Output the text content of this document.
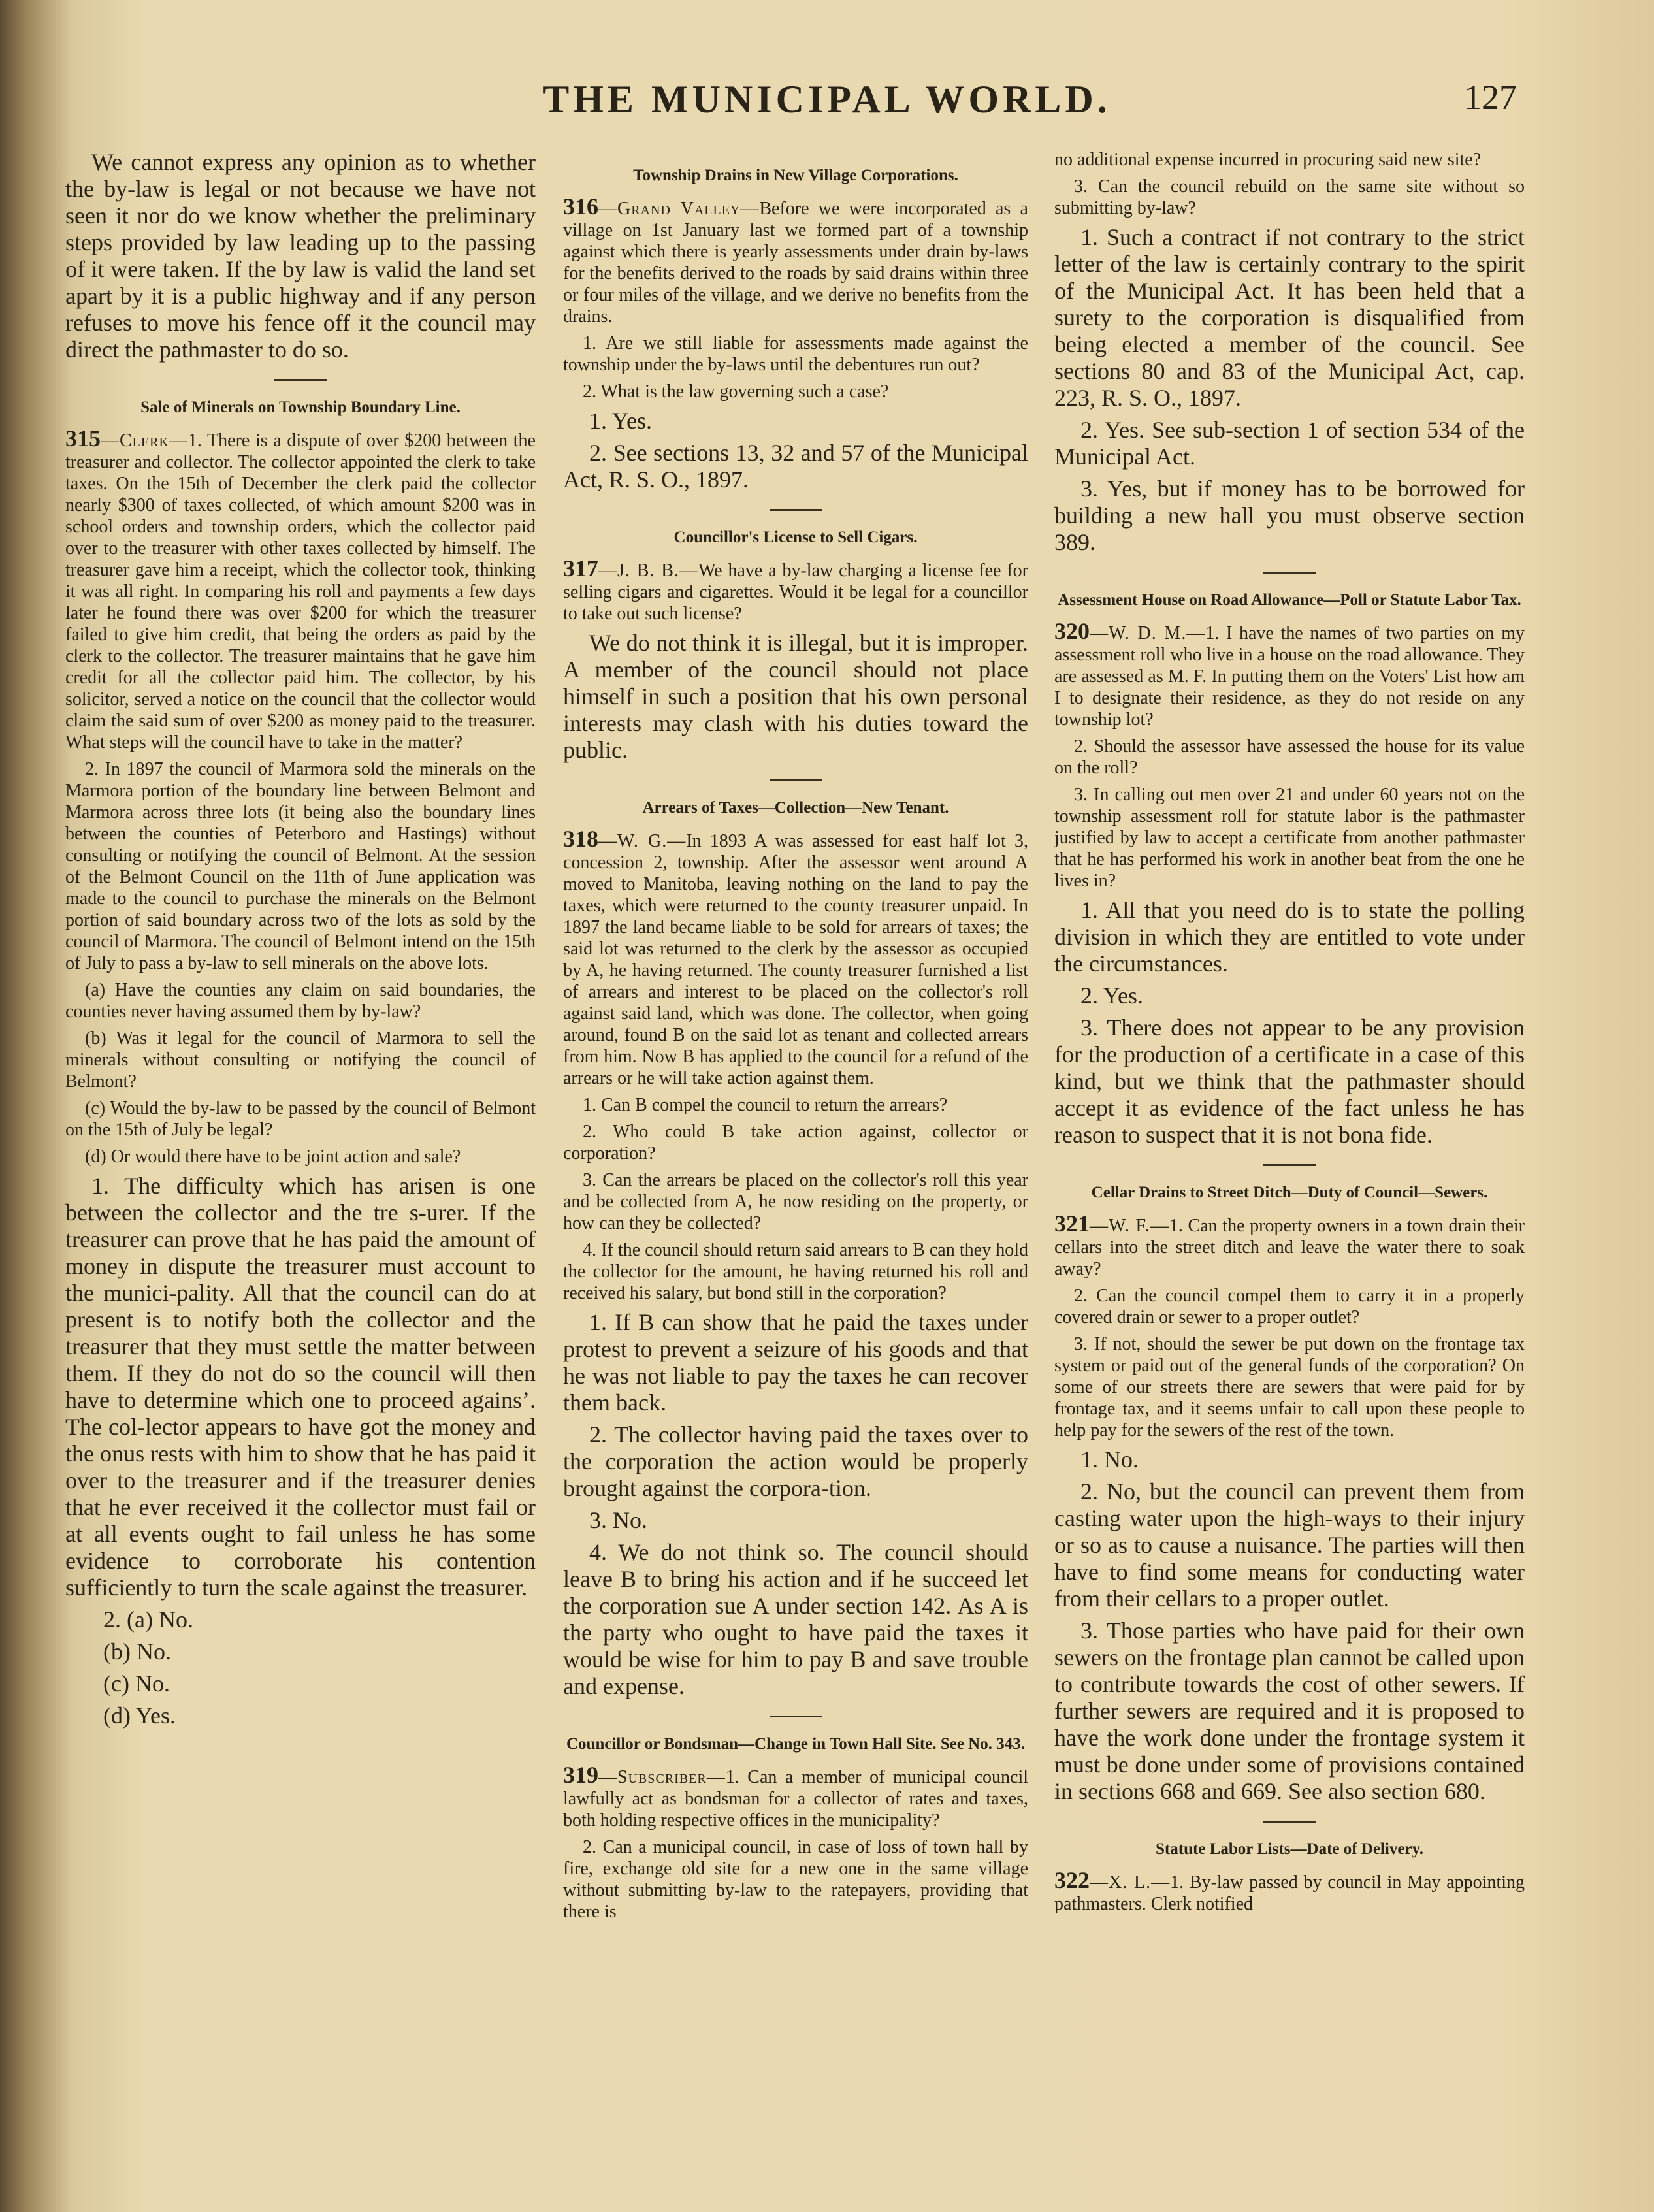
THE MUNICIPAL WORLD.	127

We cannot express any opinion as to whether the by-law is legal or not because we have not seen it nor do we know whether the preliminary steps provided by law leading up to the passing of it were taken. If the by law is valid the land set apart by it is a public highway and if any person refuses to move his fence off it the council may direct the pathmaster to do so.

Sale of Minerals on Township Boundary Line.

315—Clerk—1. There is a dispute of over $200 between the treasurer and collector. The collector appointed the clerk to take taxes. On the 15th of December the clerk paid the collector nearly $300 of taxes collected, of which amount $200 was in school orders and township orders, which the collector paid over to the treasurer with other taxes collected by himself. The treasurer gave him a receipt, which the collector took, thinking it was all right. In comparing his roll and payments a few days later he found there was over $200 for which the treasurer failed to give him credit, that being the orders as paid by the clerk to the collector. The treasurer maintains that he gave him credit for all the collector paid him. The collector, by his solicitor, served a notice on the council that the collector would claim the said sum of over $200 as money paid to the treasurer. What steps will the council have to take in the matter?

2. In 1897 the council of Marmora sold the minerals on the Marmora portion of the boundary line between Belmont and Marmora across three lots (it being also the boundary lines between the counties of Peterboro and Hastings) without consulting or notifying the council of Belmont. At the session of the Belmont Council on the 11th of June application was made to the council to purchase the minerals on the Belmont portion of said boundary across two of the lots as sold by the council of Marmora. The council of Belmont intend on the 15th of July to pass a by-law to sell minerals on the above lots.

(a) Have the counties any claim on said boundaries, the counties never having assumed them by by-law?

(b) Was it legal for the council of Marmora to sell the minerals without consulting or notifying the council of Belmont?

(c) Would the by-law to be passed by the council of Belmont on the 15th of July be legal?

(d) Or would there have to be joint action and sale?

1. The difficulty which has arisen is one between the collector and the tre s-urer. If the treasurer can prove that he has paid the amount of money in dispute the treasurer must account to the munici-pality. All that the council can do at present is to notify both the collector and the treasurer that they must settle the matter between them. If they do not do so the council will then have to determine which one to proceed agains’. The col-lector appears to have got the money and the onus rests with him to show that he has paid it over to the treasurer and if the treasurer denies that he ever received it the collector must fail or at all events ought to fail unless he has some evidence to corroborate his contention sufficiently to turn the scale against the treasurer.

2. (a) No.

(b) No.

(c) No.

(d) Yes.

Township Drains in New Village Corporations.

316—Grand Valley—Before we were incorporated as a village on 1st January last we formed part of a township against which there is yearly assessments under drain by-laws for the benefits derived to the roads by said drains within three or four miles of the village, and we derive no benefits from the drains.

1. Are we still liable for assessments made against the township under the by-laws until the debentures run out?

2. What is the law governing such a case?

1. Yes.

2. See sections 13, 32 and 57 of the Municipal Act, R. S. O., 1897.

Councillor's License to Sell Cigars.

317—J. B. B.—We have a by-law charging a license fee for selling cigars and cigarettes. Would it be legal for a councillor to take out such license?

We do not think it is illegal, but it is improper. A member of the council should not place himself in such a position that his own personal interests may clash with his duties toward the public.

Arrears of Taxes—Collection—New Tenant.

318—W. G.—In 1893 A was assessed for east half lot 3, concession 2, township. After the assessor went around A moved to Manitoba, leaving nothing on the land to pay the taxes, which were returned to the county treasurer unpaid. In 1897 the land became liable to be sold for arrears of taxes; the said lot was returned to the clerk by the assessor as occupied by A, he having returned. The county treasurer furnished a list of arrears and interest to be placed on the collector's roll against said land, which was done. The collector, when going around, found B on the said lot as tenant and collected arrears from him. Now B has applied to the council for a refund of the arrears or he will take action against them.

1. Can B compel the council to return the arrears?

2. Who could B take action against, collector or corporation?

3. Can the arrears be placed on the collector's roll this year and be collected from A, he now residing on the property, or how can they be collected?

4. If the council should return said arrears to B can they hold the collector for the amount, he having returned his roll and received his salary, but bond still in the corporation?

1. If B can show that he paid the taxes under protest to prevent a seizure of his goods and that he was not liable to pay the taxes he can recover them back.

2. The collector having paid the taxes over to the corporation the action would be properly brought against the corpora-tion.

3. No.

4. We do not think so. The council should leave B to bring his action and if he succeed let the corporation sue A under section 142. As A is the party who ought to have paid the taxes it would be wise for him to pay B and save trouble and expense.

Councillor or Bondsman—Change in Town Hall Site. See No. 343.

319—Subscriber—1. Can a member of municipal council lawfully act as bondsman for a collector of rates and taxes, both holding respective offices in the municipality?

2. Can a municipal council, in case of loss of town hall by fire, exchange old site for a new one in the same village without submitting by-law to the ratepayers, providing that there is

no additional expense incurred in procuring said new site?

3. Can the council rebuild on the same site without so submitting by-law?

1. Such a contract if not contrary to the strict letter of the law is certainly contrary to the spirit of the Municipal Act. It has been held that a surety to the corporation is disqualified from being elected a member of the council. See sections 80 and 83 of the Municipal Act, cap. 223, R. S. O., 1897.

2. Yes. See sub-section 1 of section 534 of the Municipal Act.

3. Yes, but if money has to be borrowed for building a new hall you must observe section 389.

Assessment House on Road Allowance—Poll or Statute Labor Tax.

320—W. D. M.—1. I have the names of two parties on my assessment roll who live in a house on the road allowance. They are assessed as M. F. In putting them on the Voters' List how am I to designate their residence, as they do not reside on any township lot?

2. Should the assessor have assessed the house for its value on the roll?

3. In calling out men over 21 and under 60 years not on the township assessment roll for statute labor is the pathmaster justified by law to accept a certificate from another pathmaster that he has performed his work in another beat from the one he lives in?

1. All that you need do is to state the polling division in which they are entitled to vote under the circumstances.

2. Yes.

3. There does not appear to be any provision for the production of a certificate in a case of this kind, but we think that the pathmaster should accept it as evidence of the fact unless he has reason to suspect that it is not bona fide.

Cellar Drains to Street Ditch—Duty of Council—Sewers.

321—W. F.—1. Can the property owners in a town drain their cellars into the street ditch and leave the water there to soak away?

2. Can the council compel them to carry it in a properly covered drain or sewer to a proper outlet?

3. If not, should the sewer be put down on the frontage tax system or paid out of the general funds of the corporation? On some of our streets there are sewers that were paid for by frontage tax, and it seems unfair to call upon these people to help pay for the sewers of the rest of the town.

1. No.

2. No, but the council can prevent them from casting water upon the high-ways to their injury or so as to cause a nuisance. The parties will then have to find some means for conducting water from their cellars to a proper outlet.

3. Those parties who have paid for their own sewers on the frontage plan cannot be called upon to contribute towards the cost of other sewers. If further sewers are required and it is proposed to have the work done under the frontage system it must be done under some of provisions contained in sections 668 and 669. See also section 680.

Statute Labor Lists—Date of Delivery.

322—X. L.—1. By-law passed by council in May appointing pathmasters. Clerk notified
